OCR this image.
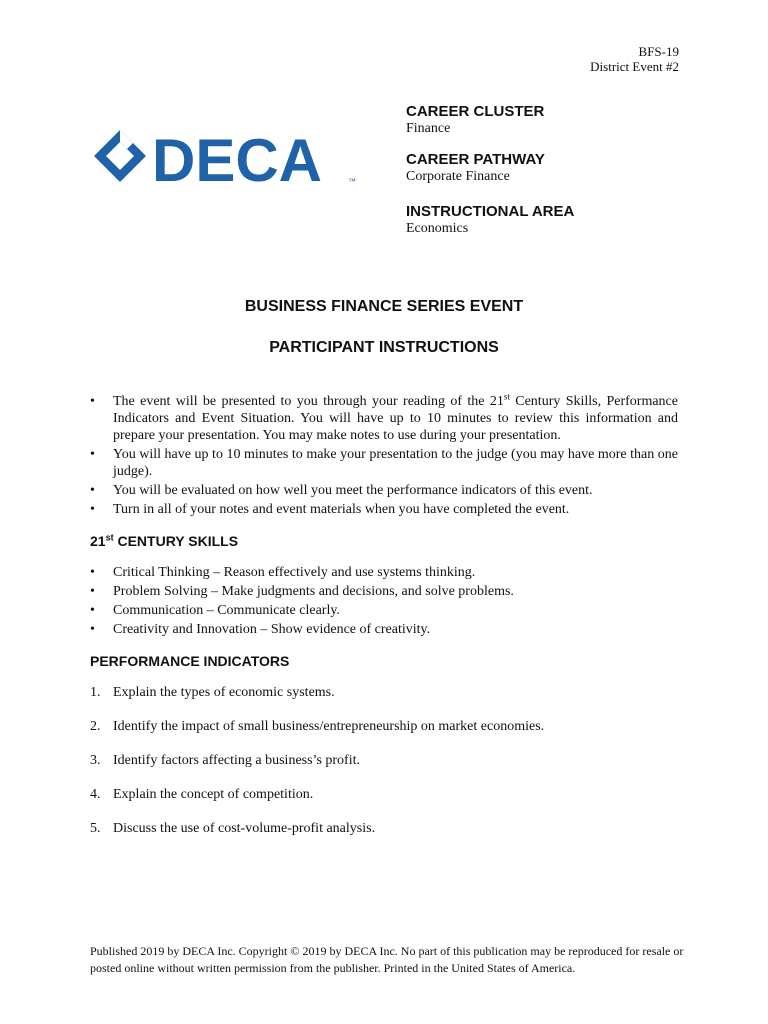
BFS-19
District Event #2
DECA	™
CAREER CLUSTER
Finance
CAREER PATHWAY
Corporate Finance
INSTRUCTIONAL AREA
Economics
BUSINESS FINANCE SERIES EVENT
PARTICIPANT INSTRUCTIONS
• The event will be presented to you through your reading of the 21st Century Skills, Performance Indicators and Event Situation. You will have up to 10 minutes to review this information and prepare your presentation. You may make notes to use during your presentation.
• You will have up to 10 minutes to make your presentation to the judge (you may have more than one judge).
• You will be evaluated on how well you meet the performance indicators of this event.
• Turn in all of your notes and event materials when you have completed the event.
21st CENTURY SKILLS
• Critical Thinking – Reason effectively and use systems thinking.
• Problem Solving – Make judgments and decisions, and solve problems.
• Communication – Communicate clearly.
• Creativity and Innovation – Show evidence of creativity.
PERFORMANCE INDICATORS
1. Explain the types of economic systems.
2. Identify the impact of small business/entrepreneurship on market economies.
3. Identify factors affecting a business’s profit.
4. Explain the concept of competition.
5. Discuss the use of cost-volume-profit analysis.
Published 2019 by DECA Inc. Copyright © 2019 by DECA Inc. No part of this publication may be reproduced for resale or posted online without written permission from the publisher. Printed in the United States of America.
